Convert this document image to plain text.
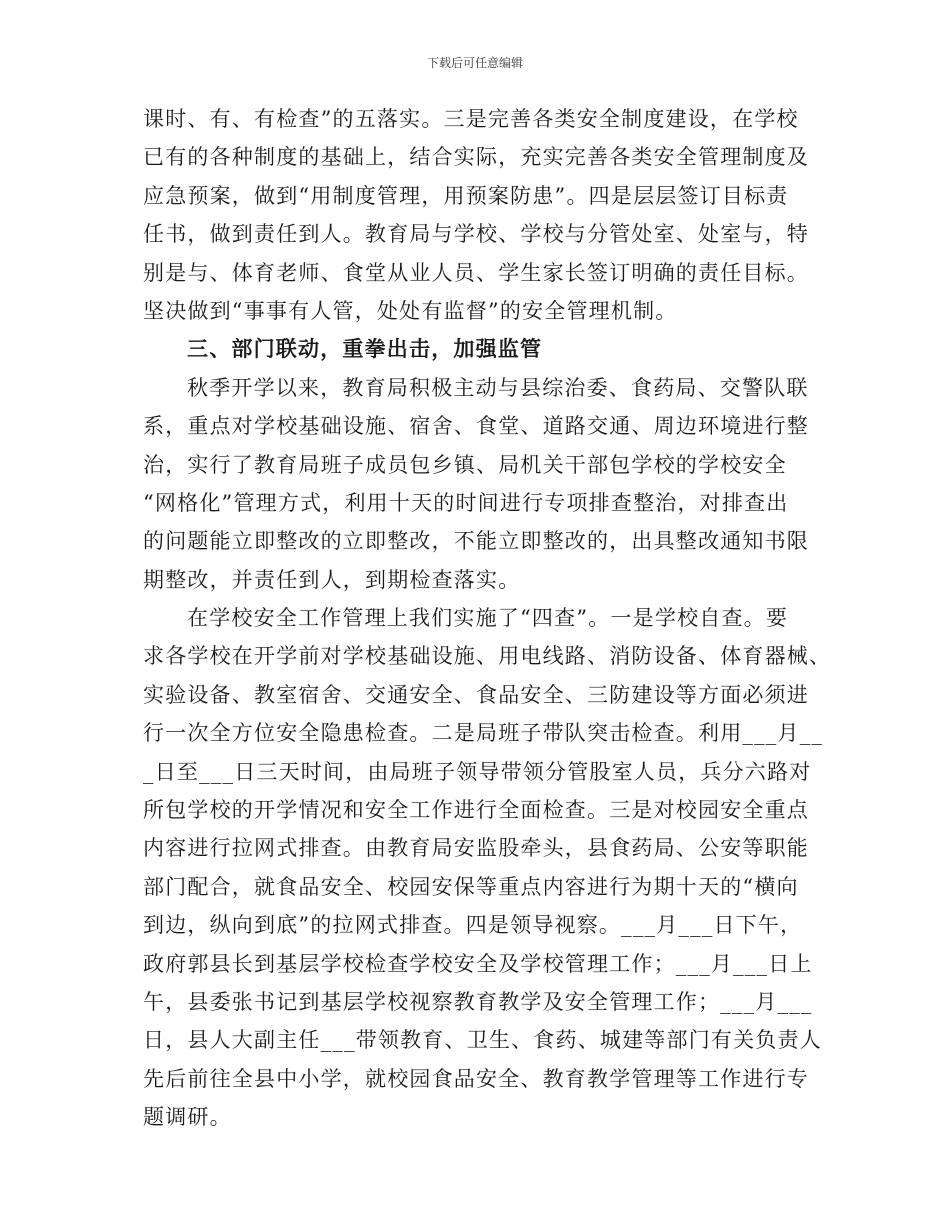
下载后可任意编辑
课时、有、有检查”的五落实。三是完善各类安全制度建设，在学校
已有的各种制度的基础上，结合实际，充实完善各类安全管理制度及
应急预案，做到“用制度管理，用预案防患”。四是层层签订目标责
任书，做到责任到人。教育局与学校、学校与分管处室、处室与，特
别是与、体育老师、食堂从业人员、学生家长签订明确的责任目标。
坚决做到“事事有人管，处处有监督”的安全管理机制。
三、部门联动，重拳出击，加强监管
秋季开学以来，教育局积极主动与县综治委、食药局、交警队联
系，重点对学校基础设施、宿舍、食堂、道路交通、周边环境进行整
治，实行了教育局班子成员包乡镇、局机关干部包学校的学校安全
“网格化”管理方式，利用十天的时间进行专项排查整治，对排查出
的问题能立即整改的立即整改，不能立即整改的，出具整改通知书限
期整改，并责任到人，到期检查落实。
在学校安全工作管理上我们实施了“四查”。一是学校自查。要
求各学校在开学前对学校基础设施、用电线路、消防设备、体育器械、
实验设备、教室宿舍、交通安全、食品安全、三防建设等方面必须进
行一次全方位安全隐患检查。二是局班子带队突击检查。利用___月__
_日至___日三天时间，由局班子领导带领分管股室人员，兵分六路对
所包学校的开学情况和安全工作进行全面检查。三是对校园安全重点
内容进行拉网式排查。由教育局安监股牵头，县食药局、公安等职能
部门配合，就食品安全、校园安保等重点内容进行为期十天的“横向
到边，纵向到底”的拉网式排查。四是领导视察。___月___日下午，
政府郭县长到基层学校检查学校安全及学校管理工作；___月___日上
午，县委张书记到基层学校视察教育教学及安全管理工作；___月___
日，县人大副主任___带领教育、卫生、食药、城建等部门有关负责人
先后前往全县中小学，就校园食品安全、教育教学管理等工作进行专
题调研。
